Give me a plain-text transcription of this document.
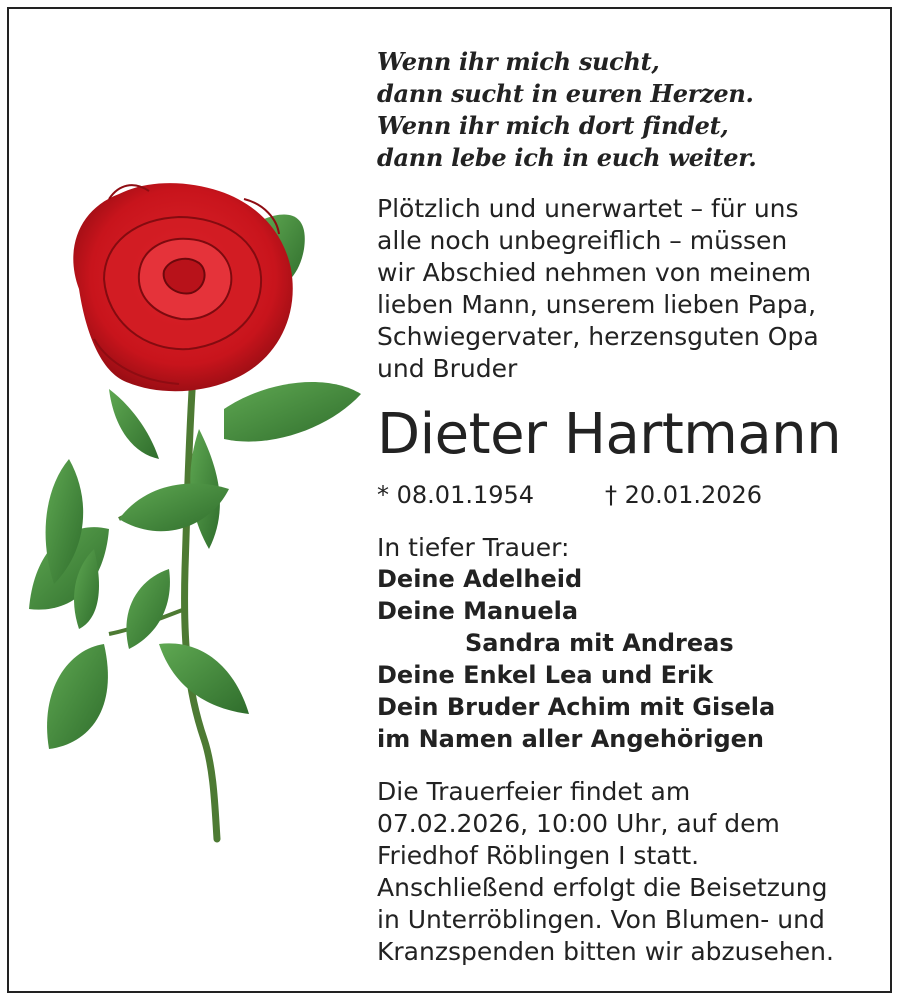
Wenn ihr mich sucht,
dann sucht in euren Herzen.
Wenn ihr mich dort findet,
dann lebe ich in euch weiter.
Plötzlich und unerwartet – für uns
alle noch unbegreiflich – müssen
wir Abschied nehmen von meinem
lieben Mann, unserem lieben Papa,
Schwiegervater, herzensguten Opa
und Bruder
Dieter Hartmann
* 08.01.1954	† 20.01.2026
In tiefer Trauer:
Deine Adelheid
Deine Manuela
Sandra mit Andreas
Deine Enkel Lea und Erik
Dein Bruder Achim mit Gisela
im Namen aller Angehörigen
Die Trauerfeier findet am
07.02.2026, 10:00 Uhr, auf dem
Friedhof Röblingen I statt.
Anschließend erfolgt die Beisetzung
in Unterröblingen. Von Blumen- und
Kranzspenden bitten wir abzusehen.
